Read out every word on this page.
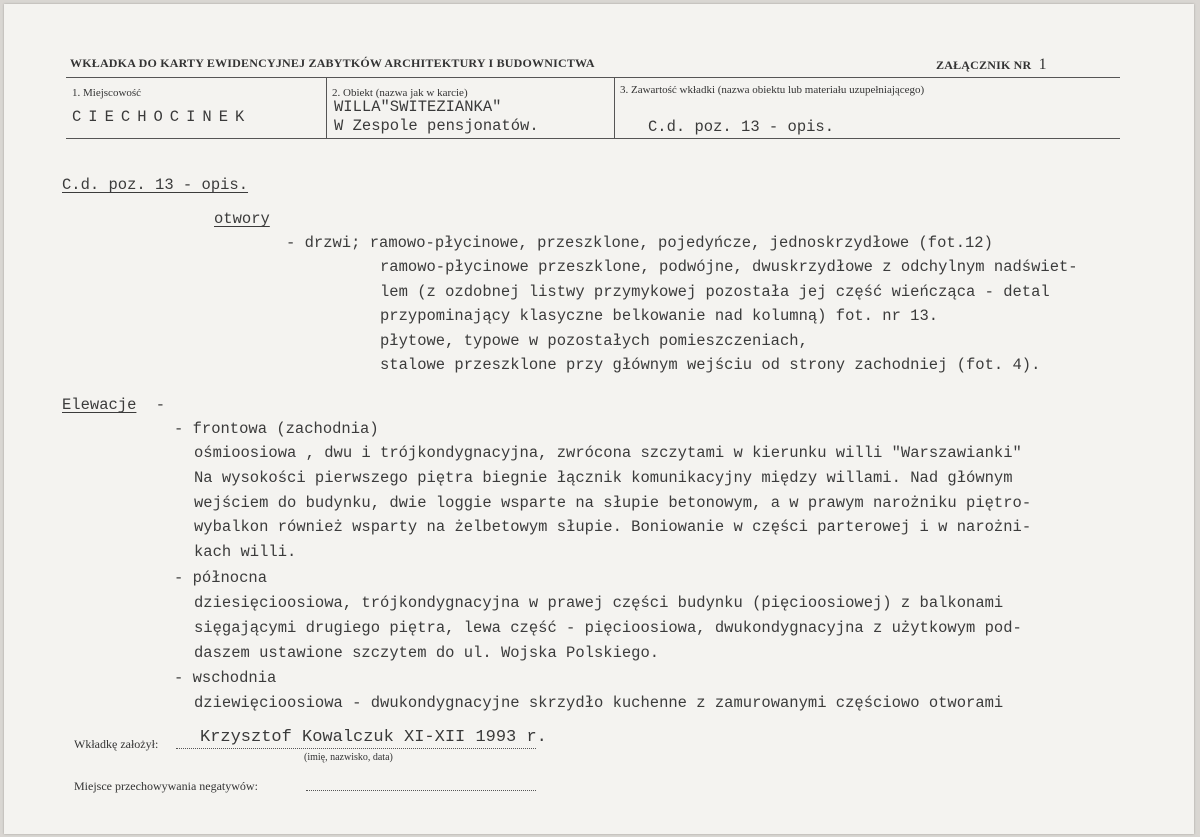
WKŁADKA DO KARTY EWIDENCYJNEJ ZABYTKÓW ARCHITEKTURY I BUDOWNICTWA	ZAŁĄCZNIK NR 1
1. Miejscowość
CIECHOCINEK
2. Obiekt (nazwa jak w karcie)
WILLA"SWITEZIANKA"
W Zespole pensjonatów.
3. Zawartość wkładki (nazwa obiektu lub materiału uzupełniającego)
C.d. poz. 13 - opis.
C.d. poz. 13 - opis.
otwory
- drzwi; ramowo-płycinowe, przeszklone, pojedyńcze, jednoskrzydłowe (fot.12)
ramowo-płycinowe przeszklone, podwójne, dwuskrzydłowe z odchylnym nadświet-
lem (z ozdobnej listwy przymykowej pozostała jej część wieńcząca - detal
przypominający klasyczne belkowanie nad kolumną) fot. nr 13.
płytowe, typowe w pozostałych pomieszczeniach,
stalowe przeszklone przy głównym wejściu od strony zachodniej (fot. 4).
Elewacje -
- frontowa (zachodnia)
ośmioosiowa , dwu i trójkondygnacyjna, zwrócona szczytami w kierunku willi "Warszawianki"
Na wysokości pierwszego piętra biegnie łącznik komunikacyjny między willami. Nad głównym
wejściem do budynku, dwie loggie wsparte na słupie betonowym, a w prawym narożniku piętro-
wybalkon również wsparty na żelbetowym słupie. Boniowanie w części parterowej i w narożni-
kach willi.
- północna
dziesięcioosiowa, trójkondygnacyjna w prawej części budynku (pięcioosiowej) z balkonami
sięgającymi drugiego piętra, lewa część - pięcioosiowa, dwukondygnacyjna z użytkowym pod-
daszem ustawione szczytem do ul. Wojska Polskiego.
- wschodnia
dziewięcioosiowa - dwukondygnacyjne skrzydło kuchenne z zamurowanymi częściowo otworami
Wkładkę założył: Krzysztof Kowalczuk XI-XII 1993 r.
(imię, nazwisko, data)
Miejsce przechowywania negatywów:
